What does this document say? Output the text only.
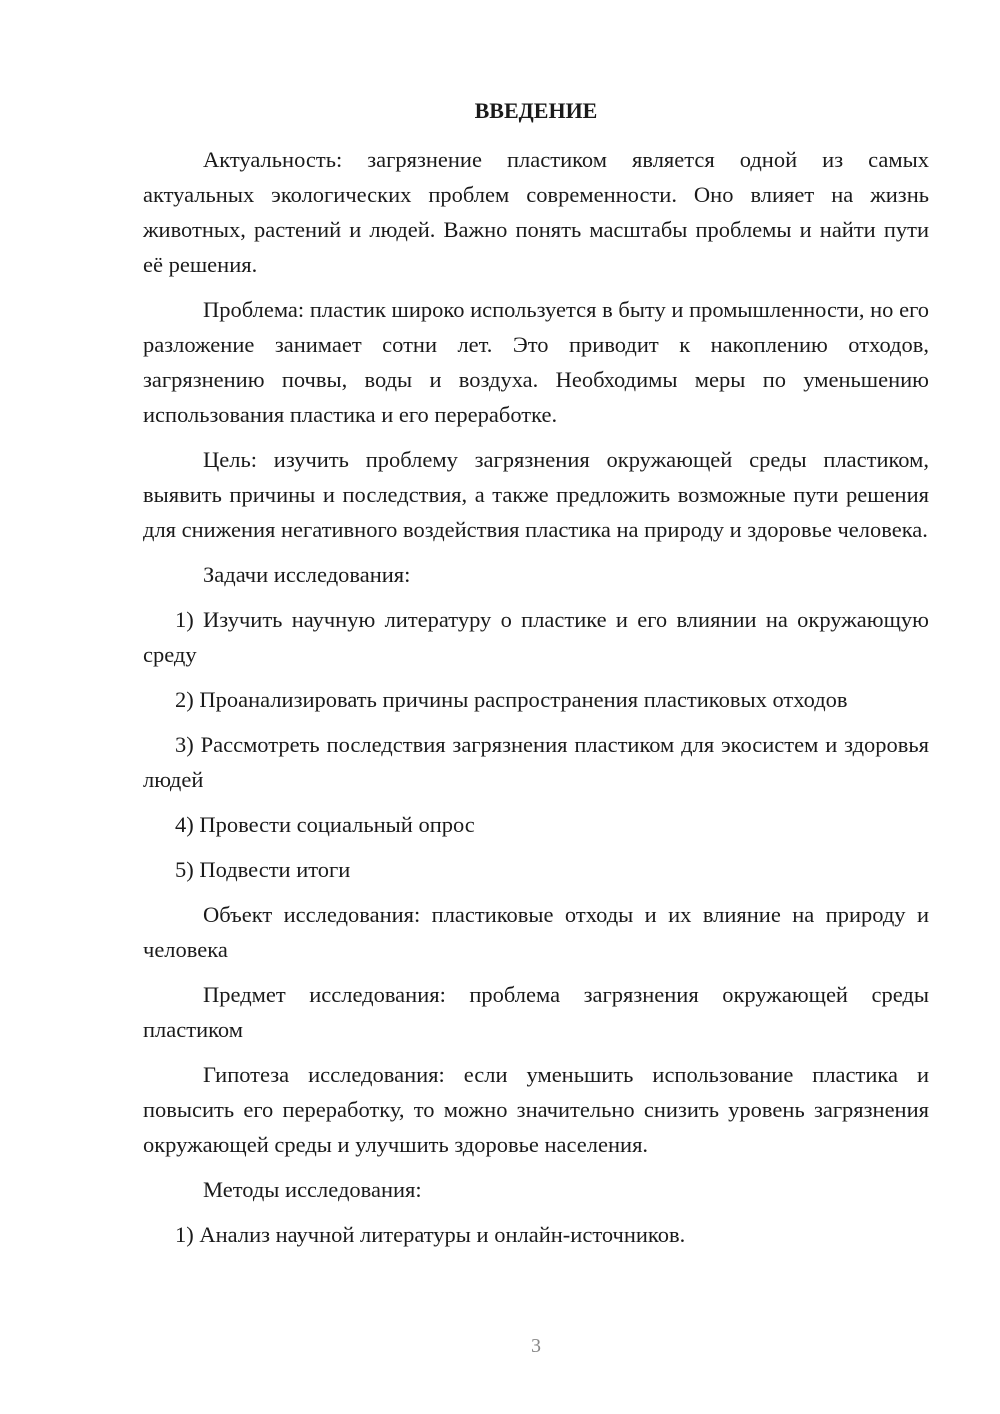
ВВЕДЕНИЕ

Актуальность: загрязнение пластиком является одной из самых актуальных экологических проблем современности. Оно влияет на жизнь животных, растений и людей. Важно понять масштабы проблемы и найти пути её решения.

Проблема: пластик широко используется в быту и промышленности, но его разложение занимает сотни лет. Это приводит к накоплению отходов, загрязнению почвы, воды и воздуха. Необходимы меры по уменьшению использования пластика и его переработке.

Цель: изучить проблему загрязнения окружающей среды пластиком, выявить причины и последствия, а также предложить возможные пути решения для снижения негативного воздействия пластика на природу и здоровье человека.

Задачи исследования:

1) Изучить научную литературу о пластике и его влиянии на окружающую среду

2) Проанализировать причины распространения пластиковых отходов

3) Рассмотреть последствия загрязнения пластиком для экосистем и здоровья людей

4) Провести социальный опрос

5) Подвести итоги

Объект исследования: пластиковые отходы и их влияние на природу и человека

Предмет исследования: проблема загрязнения окружающей среды пластиком

Гипотеза исследования: если уменьшить использование пластика и повысить его переработку, то можно значительно снизить уровень загрязнения окружающей среды и улучшить здоровье населения.

Методы исследования:

1) Анализ научной литературы и онлайн-источников.

3
